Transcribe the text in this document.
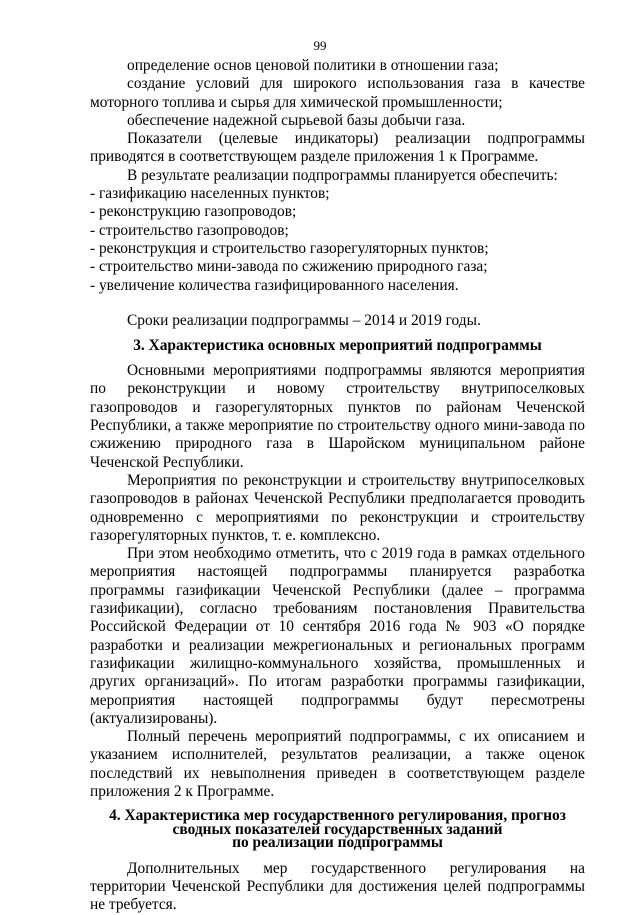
99

определение основ ценовой политики в отношении газа;

создание условий для широкого использования газа в качестве моторного топлива и сырья для химической промышленности;

обеспечение надежной сырьевой базы добычи газа.

Показатели (целевые индикаторы) реализации подпрограммы приводятся в соответствующем разделе приложения 1 к Программе.

В результате реализации подпрограммы планируется обеспечить:

- газификацию населенных пунктов;

- реконструкцию газопроводов;

- строительство газопроводов;

- реконструкция и строительство газорегуляторных пунктов;

- строительство мини-завода по сжижению природного газа;

- увеличение количества газифицированного населения.

Сроки реализации подпрограммы – 2014 и 2019 годы.

3. Характеристика основных мероприятий подпрограммы

Основными мероприятиями подпрограммы являются мероприятия по реконструкции и новому строительству внутрипоселковых газопроводов и газорегуляторных пунктов по районам Чеченской Республики, а также мероприятие по строительству одного мини-завода по сжижению природного газа в Шаройском муниципальном районе Чеченской Республики.

Мероприятия по реконструкции и строительству внутрипоселковых газопроводов в районах Чеченской Республики предполагается проводить одновременно с мероприятиями по реконструкции и строительству газорегуляторных пунктов, т. е. комплексно.

При этом необходимо отметить, что с 2019 года в рамках отдельного мероприятия настоящей подпрограммы планируется разработка программы газификации Чеченской Республики (далее – программа газификации), согласно требованиям постановления Правительства Российской Федерации от 10 сентября 2016 года № 903 «О порядке разработки и реализации межрегиональных и региональных программ газификации жилищно-коммунального хозяйства, промышленных и других организаций». По итогам разработки программы газификации, мероприятия настоящей подпрограммы будут пересмотрены (актуализированы).

Полный перечень мероприятий подпрограммы, с их описанием и указанием исполнителей, результатов реализации, а также оценок последствий их невыполнения приведен в соответствующем разделе приложения 2 к Программе.

4. Характеристика мер государственного регулирования, прогноз
сводных показателей государственных заданий
по реализации подпрограммы

Дополнительных мер государственного регулирования на территории Чеченской Республики для достижения целей подпрограммы не требуется.
